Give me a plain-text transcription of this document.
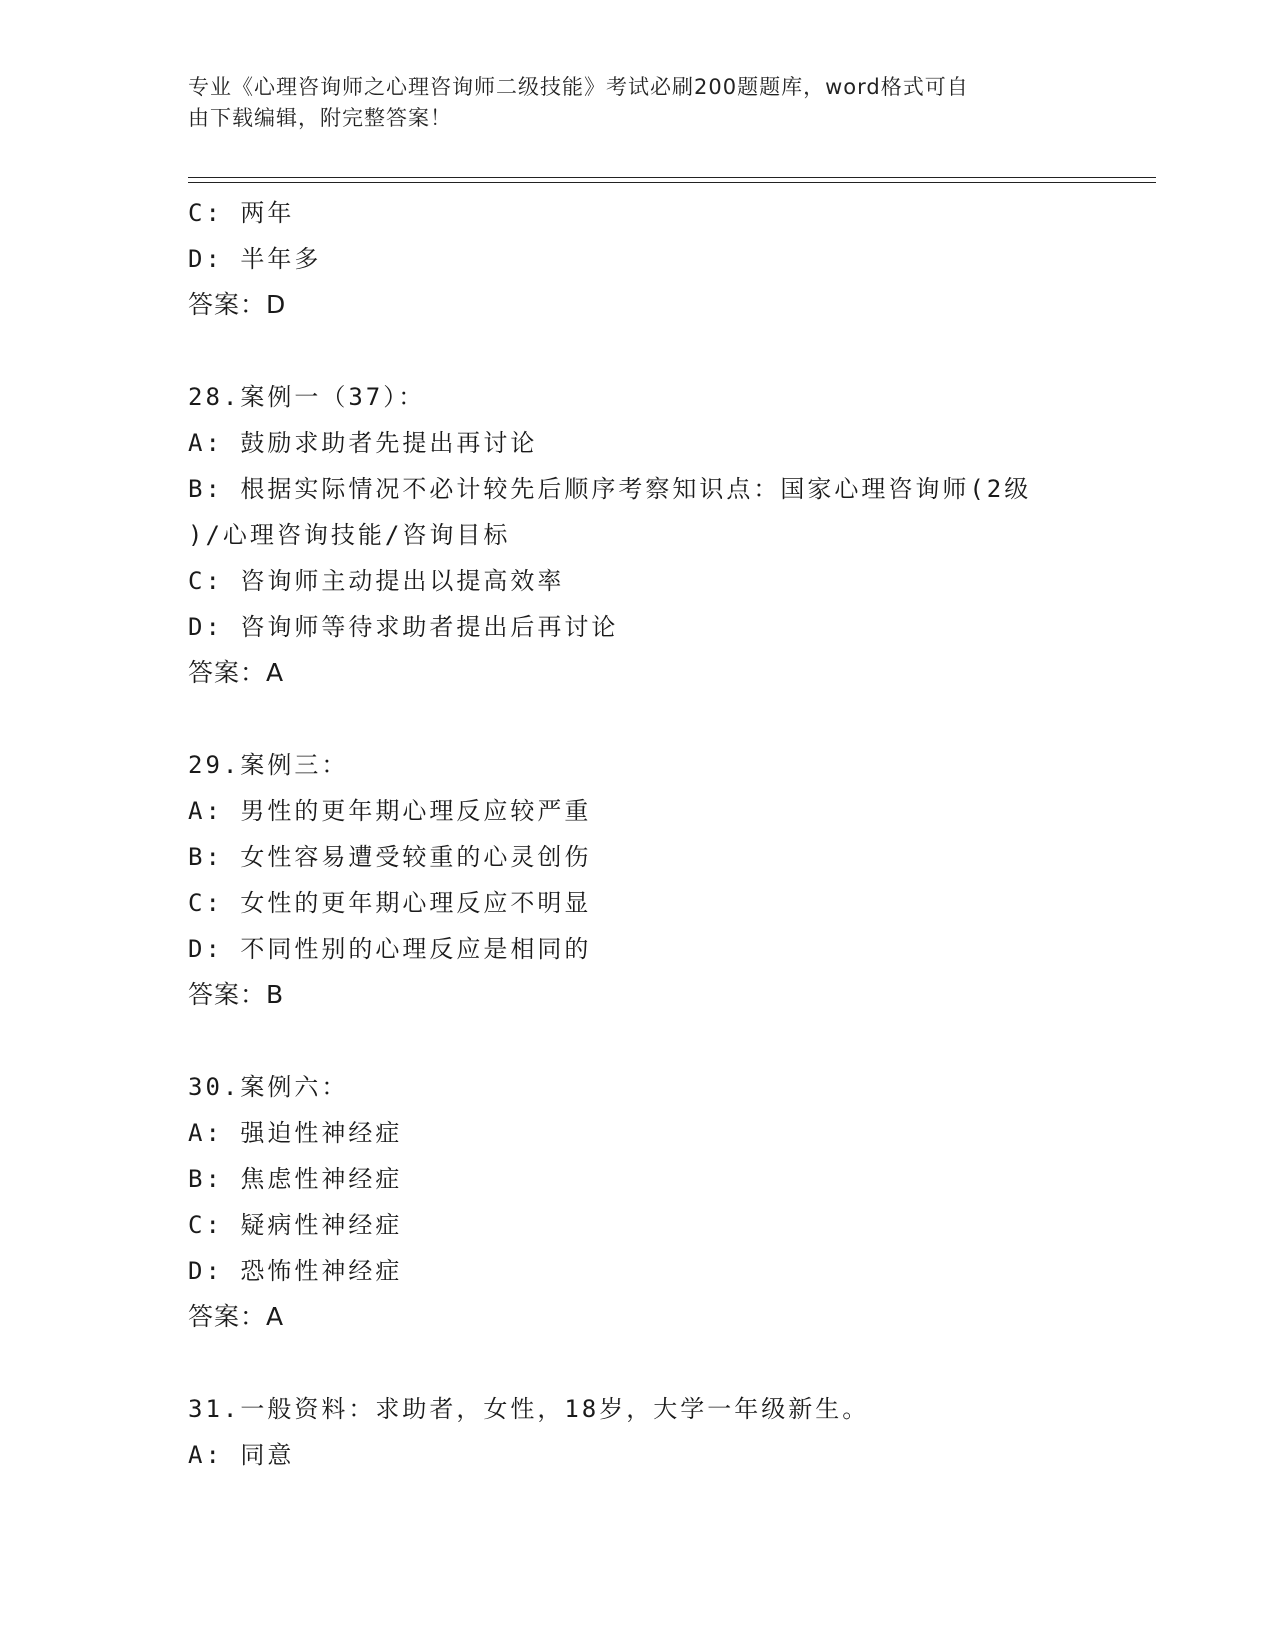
专业《心理咨询师之心理咨询师二级技能》考试必刷200题题库，word格式可自
由下载编辑，附完整答案！
C: 两年
D: 半年多
答案：D
28.案例一（37）：
A: 鼓励求助者先提出再讨论
B: 根据实际情况不必计较先后顺序考察知识点：国家心理咨询师(2级
)/心理咨询技能/咨询目标
C: 咨询师主动提出以提高效率
D: 咨询师等待求助者提出后再讨论
答案：A
29.案例三：
A: 男性的更年期心理反应较严重
B: 女性容易遭受较重的心灵创伤
C: 女性的更年期心理反应不明显
D: 不同性别的心理反应是相同的
答案：B
30.案例六：
A: 强迫性神经症
B: 焦虑性神经症
C: 疑病性神经症
D: 恐怖性神经症
答案：A
31.一般资料：求助者，女性，18岁，大学一年级新生。
A: 同意
